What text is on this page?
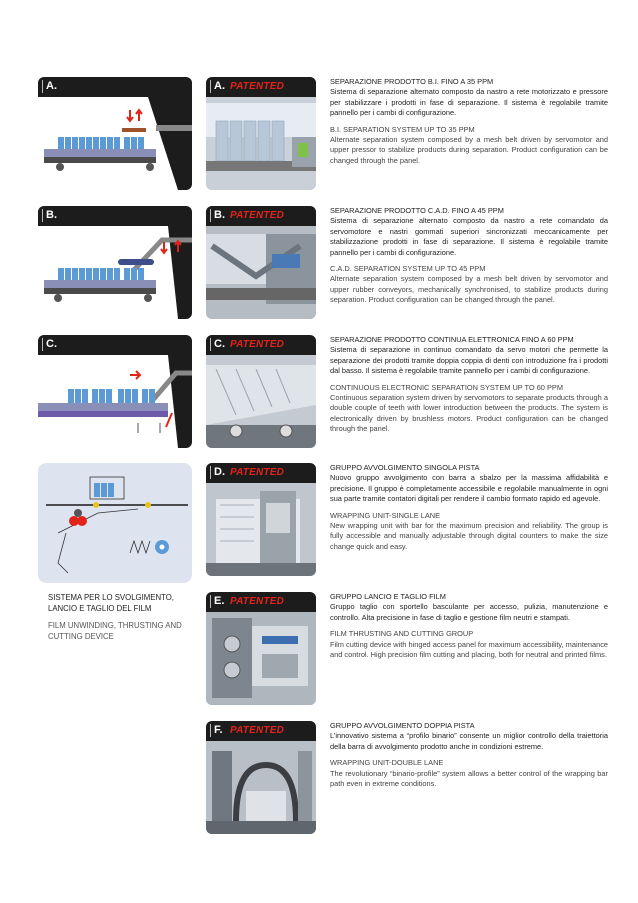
A.	A. PATENTED	SEPARAZIONE PRODOTTO B.I. FINO A 35 PPM

Sistema di separazione alternato composto da nastro a rete motorizzato e pressore per stabilizzare i prodotti in fase di separazione. Il sistema è regolabile tramite pannello per i cambi di configurazione.

B.I. SEPARATION SYSTEM UP TO 35 PPM

Alternate separation system composed by a mesh belt driven by servomotor and upper pressor to stabilize products during separation. Product configuration can be changed through the panel.

B.	B. PATENTED	SEPARAZIONE PRODOTTO C.A.D. FINO A 45 PPM

Sistema di separazione alternato composto da nastro a rete comandato da servomotore e nastri gommati superiori sincronizzati meccanicamente per stabilizzazione prodotti in fase di separazione. Il sistema è regolabile tramite pannello per i cambi di configurazione.

C.A.D. SEPARATION SYSTEM UP TO 45 PPM

Alternate separation system composed by a mesh belt driven by servomotor and upper rubber conveyors, mechanically synchronised, to stabilize products during separation. Product configuration can be changed through the panel.

C.	C. PATENTED	SEPARAZIONE PRODOTTO CONTINUA ELETTRONICA FINO A 60 PPM

Sistema di separazione in continuo comandato da servo motori che permette la separazione dei prodotti tramite doppia coppia di denti con introduzione fra i prodotti dal basso. Il sistema è regolabile tramite pannello per i cambi di configurazione.

CONTINUOUS ELECTRONIC SEPARATION SYSTEM UP TO 60 PPM

Continuous separation system driven by servomotors to separate products through a double couple of teeth with lower introduction between the products. The system is electronically driven by brushless motors. Product configuration can be changed through the panel.

SISTEMA PER LO SVOLGIMENTO, LANCIO E TAGLIO DEL FILM
FILM UNWINDING, THRUSTING AND CUTTING DEVICE
D. PATENTED	GRUPPO AVVOLGIMENTO SINGOLA PISTA

Nuovo gruppo avvolgimento con barra a sbalzo per la massima affidabilità e precisione. Il gruppo è completamente accessibile e regolabile manualmente in ogni sua parte tramite contatori digitali per rendere il cambio formato rapido ed agevole.

WRAPPING UNIT-SINGLE LANE

New wrapping unit with bar for the maximum precision and reliability. The group is fully accessible and manually adjustable through digital counters to make the size change quick and easy.

E. PATENTED	GRUPPO LANCIO E TAGLIO FILM

Gruppo taglio con sportello basculante per accesso, pulizia, manutenzione e controllo. Alta precisione in fase di taglio e gestione film neutri e stampati.

FILM THRUSTING AND CUTTING GROUP

Film cutting device with hinged access panel for maximum accessibility, maintenance and control. High precision film cutting and placing, both for neutral and printed films.

F. PATENTED	GRUPPO AVVOLGIMENTO DOPPIA PISTA

L’innovativo sistema a “profilo binario” consente un miglior controllo della traiettoria della barra di avvolgimento prodotto anche in condizioni estreme.

WRAPPING UNIT-DOUBLE LANE

The revolutionary “binario-profile” system allows a better control of the wrapping bar path even in extreme conditions.
